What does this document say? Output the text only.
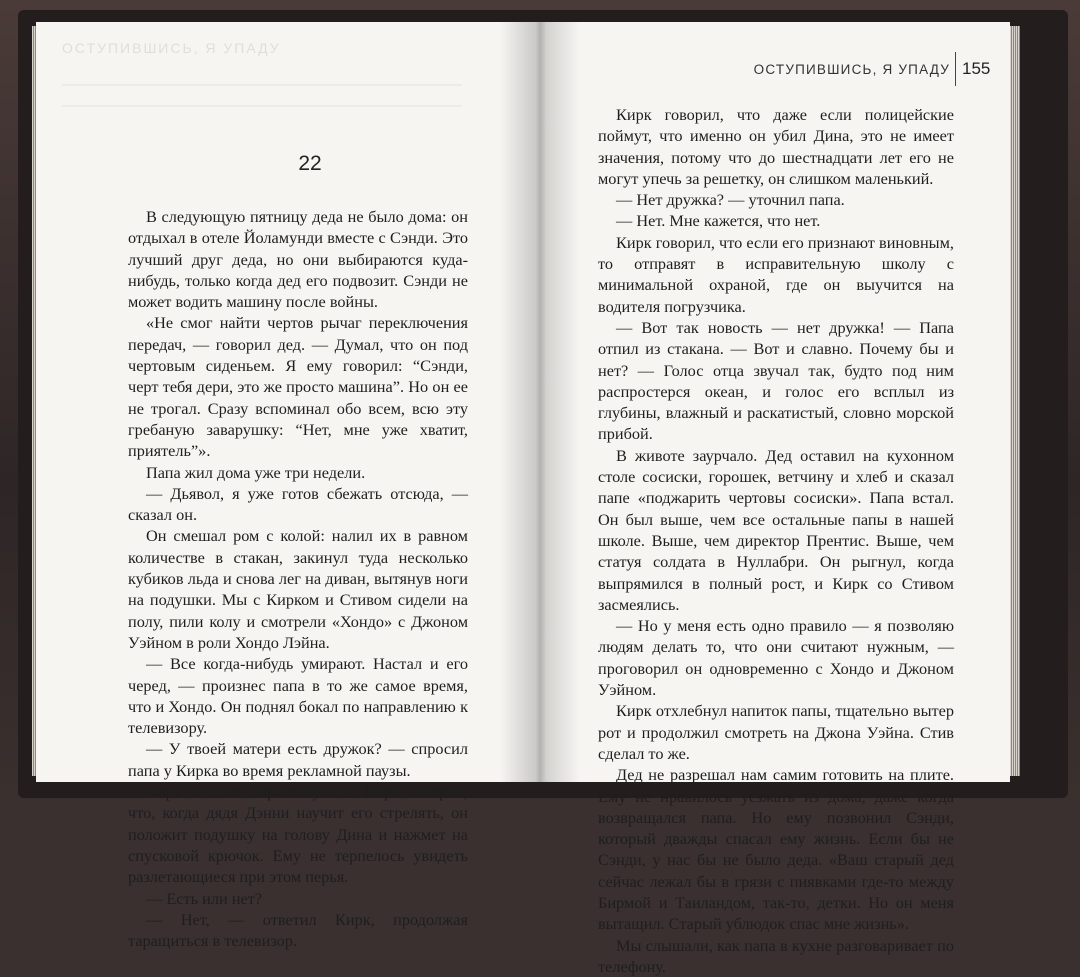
ОСТУПИВШИСЬ, Я УПАДУ
22

В следующую пятницу деда не было дома: он отдыхал в отеле Йоламунди вместе с Сэнди. Это лучший друг деда, но они выбираются куда-нибудь, только когда дед его подвозит. Сэнди не может водить машину после войны.

«Не смог найти чертов рычаг переключения передач, — говорил дед. — Думал, что он под чертовым сиденьем. Я ему говорил: “Сэнди, черт тебя дери, это же просто машина”. Но он ее не трогал. Сразу вспоминал обо всем, всю эту гребаную заварушку: “Нет, мне уже хватит, приятель”».

Папа жил дома уже три недели.

— Дьявол, я уже готов сбежать отсюда, — сказал он.

Он смешал ром с колой: налил их в равном количестве в стакан, закинул туда несколько кубиков льда и снова лег на диван, вытянув ноги на подушки. Мы с Кирком и Стивом сидели на полу, пили колу и смотрели «Хондо» с Джоном Уэйном в роли Хондо Лэйна.

— Все когда-нибудь умирают. Настал и его черед, — произнес папа в то же самое время, что и Хондо. Он поднял бокал по направлению к телевизору.

— У твоей матери есть дружок? — спросил папа у Кирка во время рекламной паузы.

Кирк и Стив переглянулись. Кирк говорил, что, когда дядя Дэнни научит его стрелять, он положит подушку на голову Дина и нажмет на спусковой крючок. Ему не терпелось увидеть разлетающиеся при этом перья.

— Есть или нет?

— Нет, — ответил Кирк, продолжая таращиться в телевизор.

ОСТУПИВШИСЬ, Я УПАДУ 155

Кирк говорил, что даже если полицейские поймут, что именно он убил Дина, это не имеет значения, потому что до шестнадцати лет его не могут упечь за решетку, он слишком маленький.

— Нет дружка? — уточнил папа.

— Нет. Мне кажется, что нет.

Кирк говорил, что если его признают виновным, то отправят в исправительную школу с минимальной охраной, где он выучится на водителя погрузчика.

— Вот так новость — нет дружка! — Папа отпил из стакана. — Вот и славно. Почему бы и нет? — Голос отца звучал так, будто под ним распростерся океан, и голос его всплыл из глубины, влажный и раскатистый, словно морской прибой.

В животе заурчало. Дед оставил на кухонном столе сосиски, горошек, ветчину и хлеб и сказал папе «поджарить чертовы сосиски». Папа встал. Он был выше, чем все остальные папы в нашей школе. Выше, чем директор Прентис. Выше, чем статуя солдата в Нуллабри. Он рыгнул, когда выпрямился в полный рост, и Кирк со Стивом засмеялись.

— Но у меня есть одно правило — я позволяю людям делать то, что они считают нужным, — проговорил он одновременно с Хондо и Джоном Уэйном.

Кирк отхлебнул напиток папы, тщательно вытер рот и продолжил смотреть на Джона Уэйна. Стив сделал то же.

Дед не разрешал нам самим готовить на плите. Ему не нравилось уезжать из дома, даже когда возвращался папа. Но ему позвонил Сэнди, который дважды спасал ему жизнь. Если бы не Сэнди, у нас бы не было деда. «Ваш старый дед сейчас лежал бы в грязи с пиявками где-то между Бирмой и Таиландом, так-то, детки. Но он меня вытащил. Старый ублюдок спас мне жизнь».

Мы слышали, как папа в кухне разговаривает по телефону.
